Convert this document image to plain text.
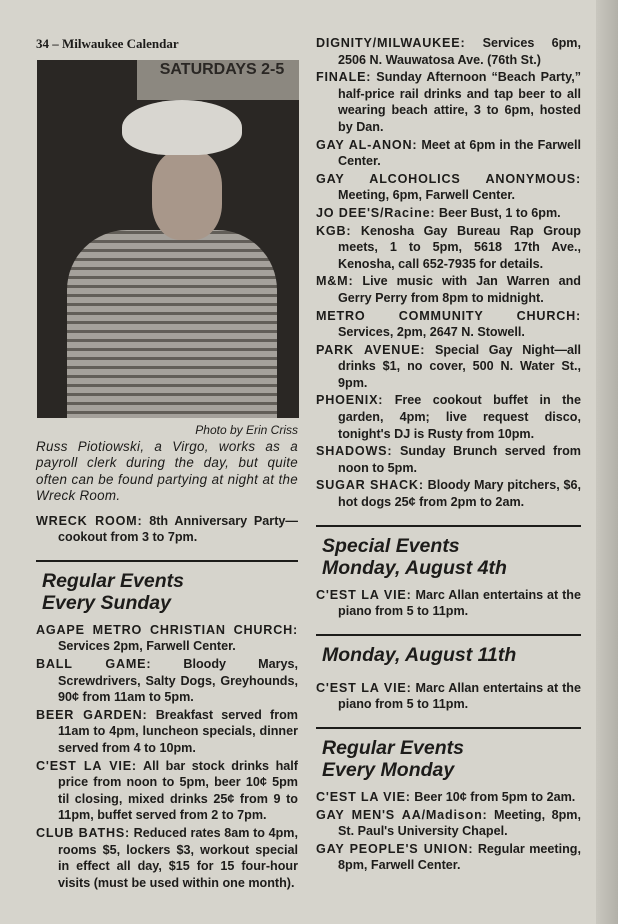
34 – Milwaukee Calendar
SATURDAYS 2-5
Photo by Erin Criss
Russ Piotiowski, a Virgo, works as a payroll clerk during the day, but quite often can be found partying at night at the Wreck Room.
WRECK ROOM: 8th Anniversary Party—cookout from 3 to 7pm.
Regular Events
Every Sunday
AGAPE METRO CHRISTIAN CHURCH: Services 2pm, Farwell Center.
BALL GAME: Bloody Marys, Screwdrivers, Salty Dogs, Greyhounds, 90¢ from 11am to 5pm.
BEER GARDEN: Breakfast served from 11am to 4pm, luncheon specials, dinner served from 4 to 10pm.
C'EST LA VIE: All bar stock drinks half price from noon to 5pm, beer 10¢ 5pm til closing, mixed drinks 25¢ from 9 to 11pm, buffet served from 2 to 7pm.
CLUB BATHS: Reduced rates 8am to 4pm, rooms $5, lockers $3, workout special in effect all day, $15 for 15 four-hour visits (must be used within one month).
DIGNITY/MILWAUKEE: Services 6pm, 2506 N. Wauwatosa Ave. (76th St.)
FINALE: Sunday Afternoon “Beach Party,” half-price rail drinks and tap beer to all wearing beach attire, 3 to 6pm, hosted by Dan.
GAY AL-ANON: Meet at 6pm in the Farwell Center.
GAY ALCOHOLICS ANONYMOUS: Meeting, 6pm, Farwell Center.
JO DEE'S/Racine: Beer Bust, 1 to 6pm.
KGB: Kenosha Gay Bureau Rap Group meets, 1 to 5pm, 5618 17th Ave., Kenosha, call 652-7935 for details.
M&M: Live music with Jan Warren and Gerry Perry from 8pm to midnight.
METRO COMMUNITY CHURCH: Services, 2pm, 2647 N. Stowell.
PARK AVENUE: Special Gay Night—all drinks $1, no cover, 500 N. Water St., 9pm.
PHOENIX: Free cookout buffet in the garden, 4pm; live request disco, tonight's DJ is Rusty from 10pm.
SHADOWS: Sunday Brunch served from noon to 5pm.
SUGAR SHACK: Bloody Mary pitchers, $6, hot dogs 25¢ from 2pm to 2am.
Special Events
Monday, August 4th
C'EST LA VIE: Marc Allan entertains at the piano from 5 to 11pm.
Monday, August 11th
C'EST LA VIE: Marc Allan entertains at the piano from 5 to 11pm.
Regular Events
Every Monday
C'EST LA VIE: Beer 10¢ from 5pm to 2am.
GAY MEN'S AA/Madison: Meeting, 8pm, St. Paul's University Chapel.
GAY PEOPLE'S UNION: Regular meeting, 8pm, Farwell Center.
